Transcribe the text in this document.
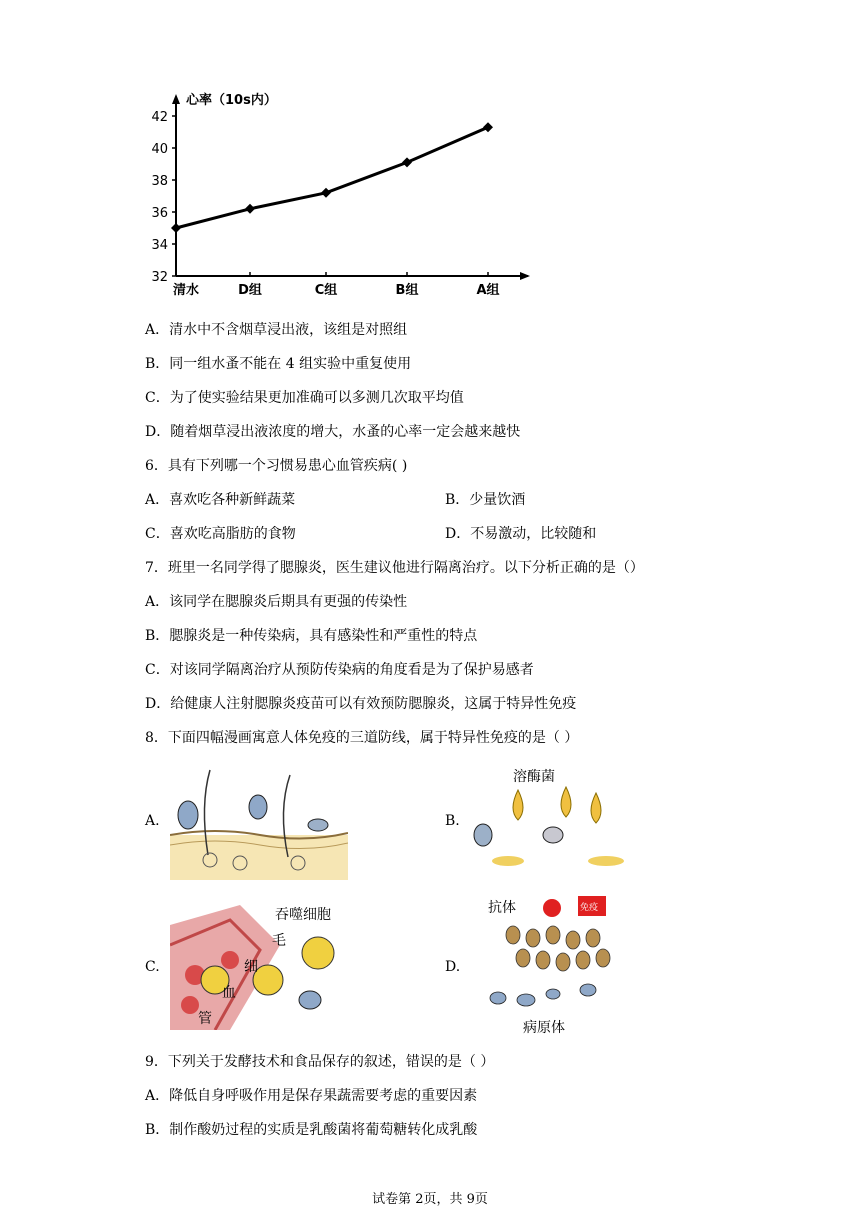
32
34
36
38
40
42
清水	D组	C组	B组	A组
心率（10s内）
A．清水中不含烟草浸出液，该组是对照组
B．同一组水蚤不能在 4 组实验中重复使用
C．为了使实验结果更加准确可以多测几次取平均值
D．随着烟草浸出液浓度的增大，水蚤的心率一定会越来越快
6．具有下列哪一个习惯易患心血管疾病( )
A．喜欢吃各种新鲜蔬菜	B．少量饮酒
C．喜欢吃高脂肪的食物	D．不易激动，比较随和
7．班里一名同学得了腮腺炎，医生建议他进行隔离治疗。以下分析正确的是（）
A．该同学在腮腺炎后期具有更强的传染性
B．腮腺炎是一种传染病，具有感染性和严重性的特点
C．对该同学隔离治疗从预防传染病的角度看是为了保护易感者
D．给健康人注射腮腺炎疫苗可以有效预防腮腺炎，这属于特异性免疫
8．下面四幅漫画寓意人体免疫的三道防线，属于特异性免疫的是（ ）
A.	B.
C.	D.
溶酶菌
吞噬细胞
毛
细
血
管
抗体	免疫
病原体
9．下列关于发酵技术和食品保存的叙述，错误的是（ ）
A．降低自身呼吸作用是保存果蔬需要考虑的重要因素
B．制作酸奶过程的实质是乳酸菌将葡萄糖转化成乳酸
试卷第 2页，共 9页
